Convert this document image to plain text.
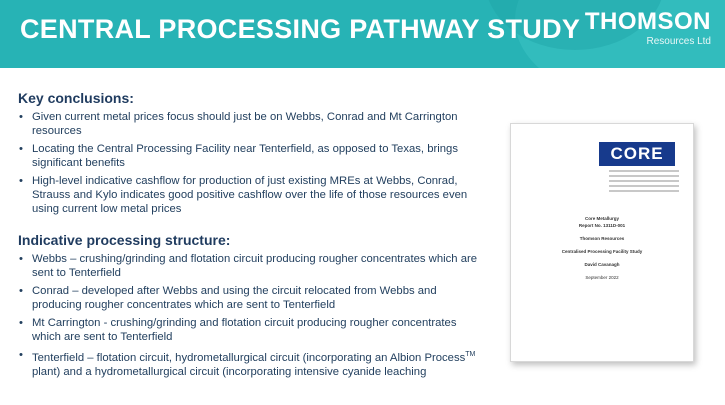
CENTRAL PROCESSING PATHWAY STUDY THOMSON
Resources Ltd
Key conclusions:
• Given current metal prices focus should just be on Webbs, Conrad and Mt Carrington resources
• Locating the Central Processing Facility near Tenterfield, as opposed to Texas, brings significant benefits
• High-level indicative cashflow for production of just existing MREs at Webbs, Conrad, Strauss and Kylo indicates good positive cashflow over the life of those resources even using current low metal prices
Indicative processing structure:
• Webbs – crushing/grinding and flotation circuit producing rougher concentrates which are sent to Tenterfield
• Conrad – developed after Webbs and using the circuit relocated from Webbs and producing rougher concentrates which are sent to Tenterfield
• Mt Carrington - crushing/grinding and flotation circuit producing rougher concentrates which are sent to Tenterfield
• Tenterfield – flotation circuit, hydrometallurgical circuit (incorporating an Albion Process™ plant) and a hydrometallurgical circuit (incorporating intensive cyanide leaching
CORE
Core Metallurgy
Report No. 1311D-001
Thomson Resources
Centralised Processing Facility Study
David Cavanagh
September 2022
